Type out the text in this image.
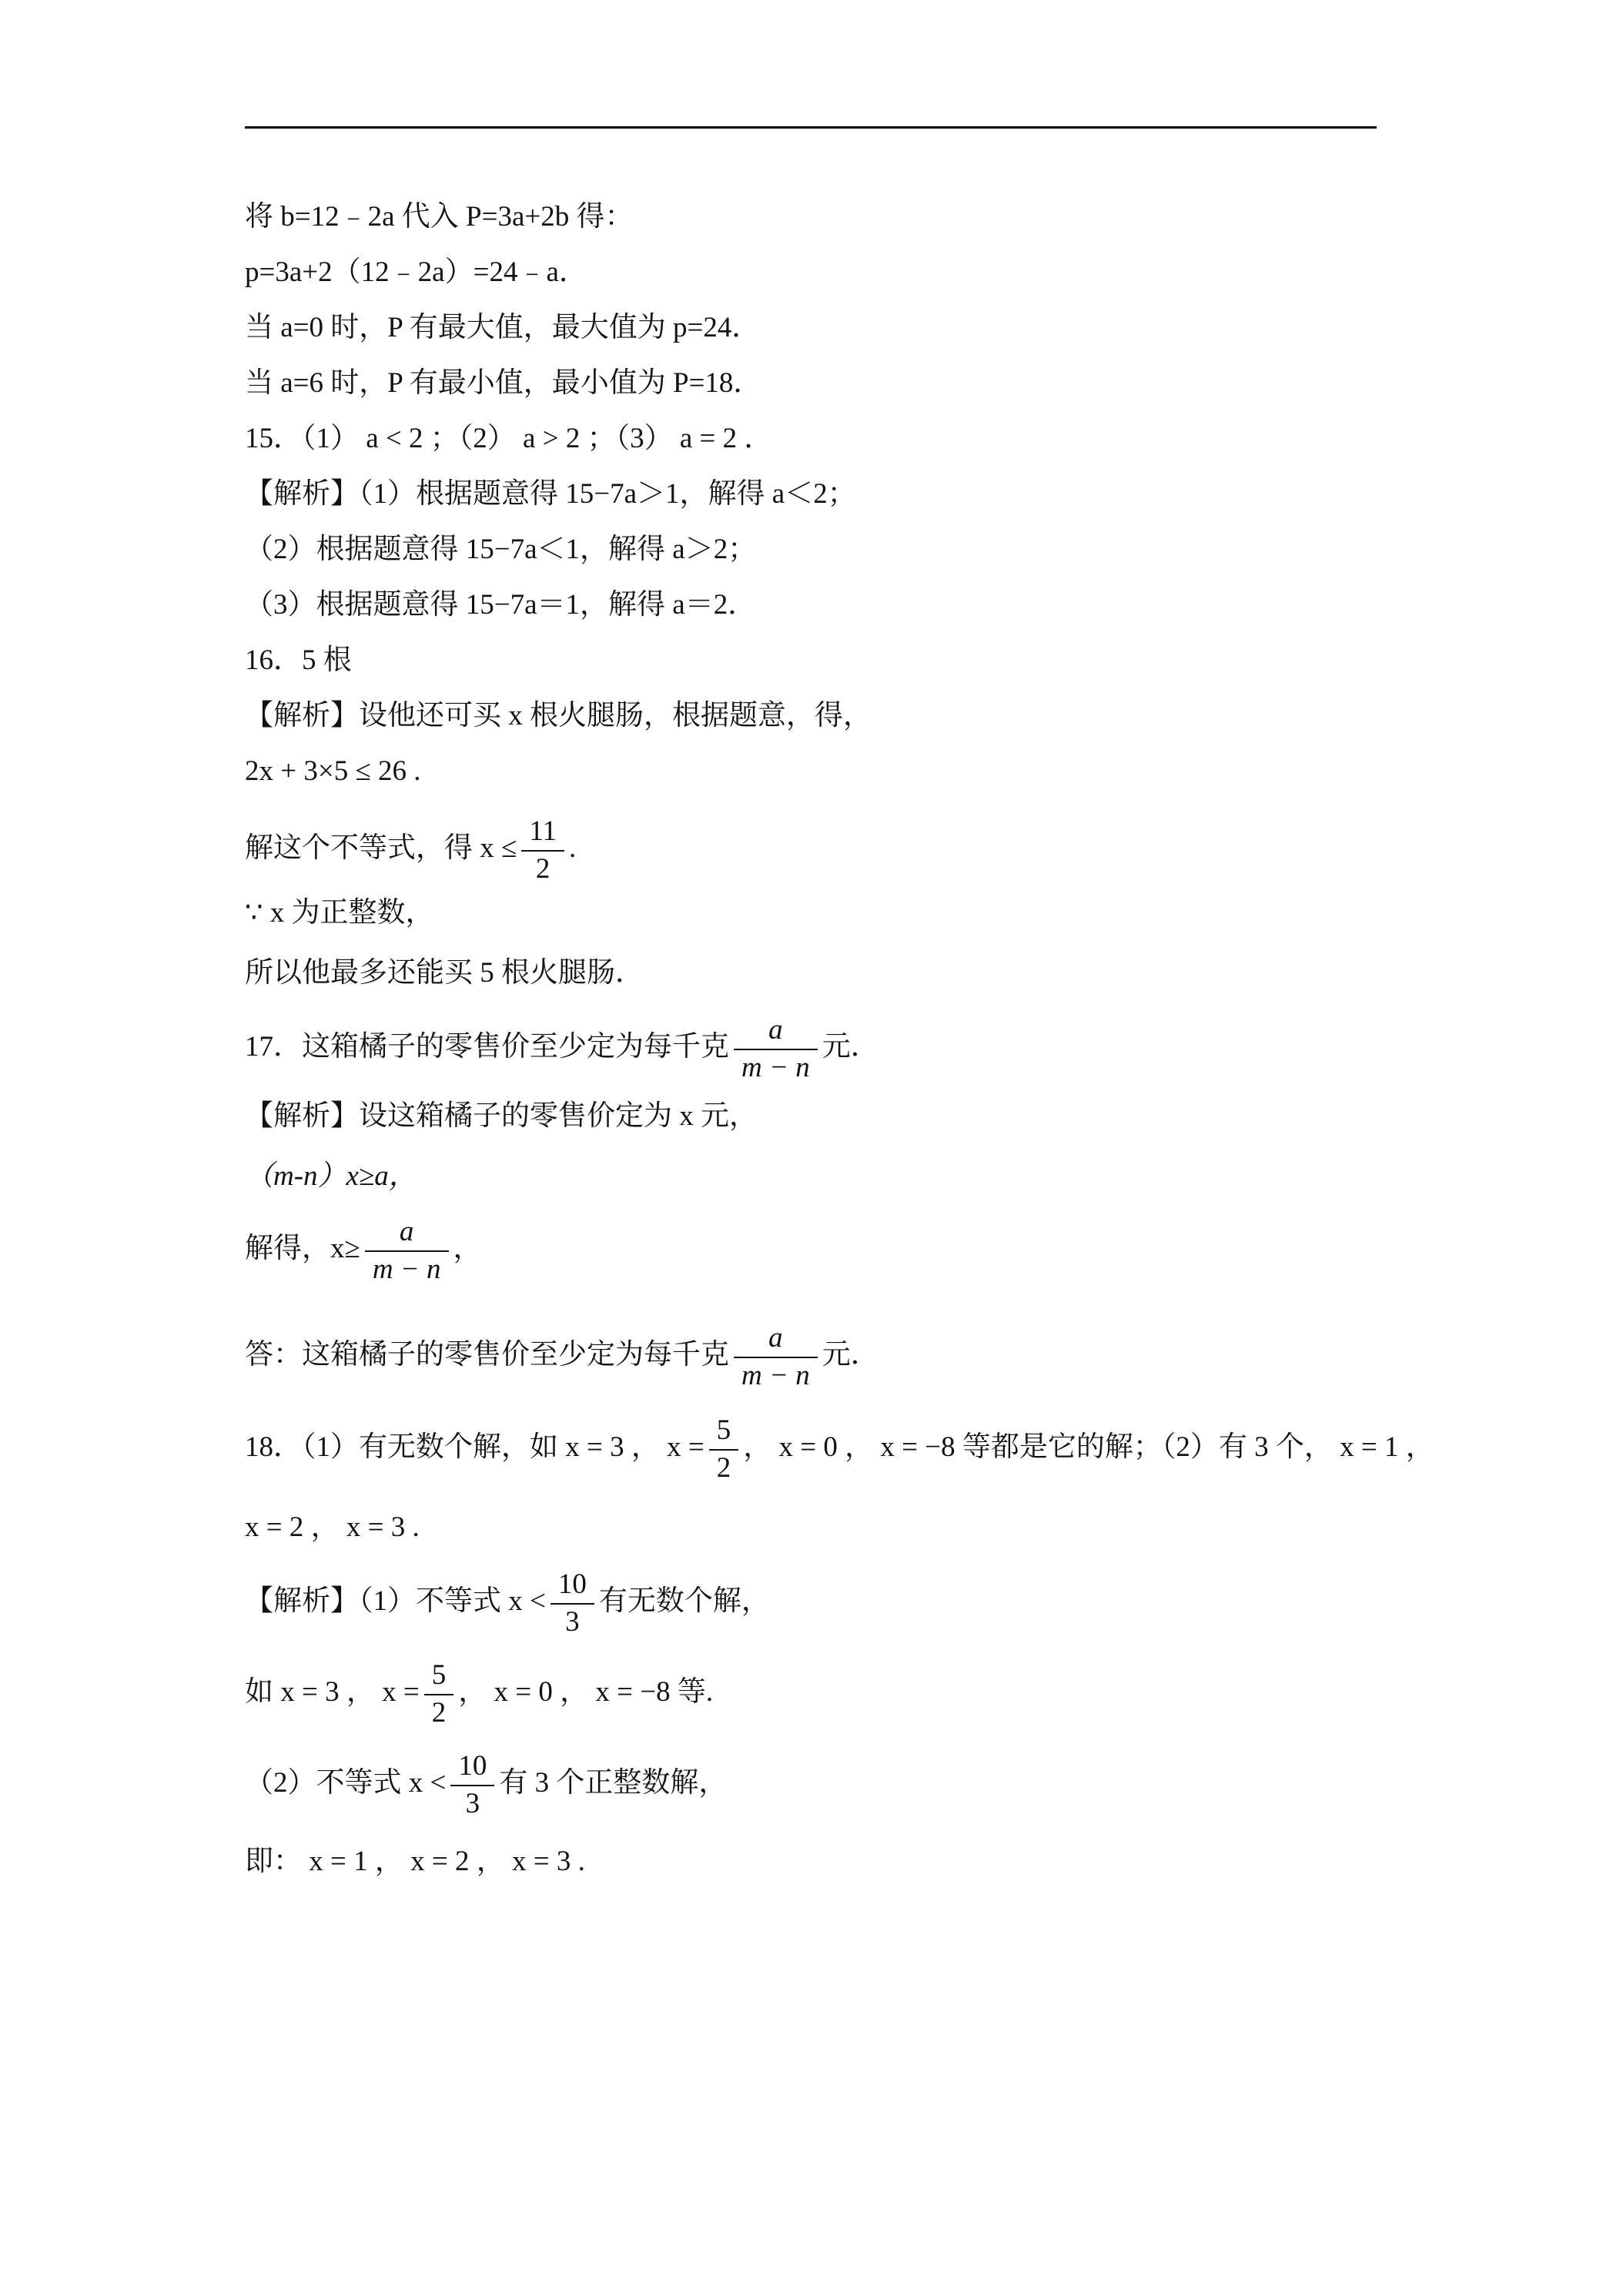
将 b=12﹣2a 代入 P=3a+2b 得：
p=3a+2（12﹣2a）=24﹣a．
当 a=0 时，P 有最大值，最大值为 p=24．
当 a=6 时，P 有最小值，最小值为 P=18．
15．（1） a < 2 ；（2） a > 2 ；（3） a = 2 ．
【解析】（1）根据题意得 15−7a＞1，解得 a＜2；
（2）根据题意得 15−7a＜1，解得 a＞2；
（3）根据题意得 15−7a＝1，解得 a＝2．
16．5 根
【解析】设他还可买 x 根火腿肠，根据题意，得，
2x + 3×5 ≤ 26 .
解这个不等式，得 $x \le \frac{11}{2}$ .
∵ x 为正整数，
所以他最多还能买 5 根火腿肠．
17．这箱橘子的零售价至少定为每千克 $\frac{a}{m - n}$ 元．
【解析】设这箱橘子的零售价定为 x 元，
（m-n）x≥a，
解得，$x\ge \frac{a}{m - n}$ ，
答：这箱橘子的零售价至少定为每千克 $\frac{a}{m - n}$ 元．
18．（1）有无数个解，如 x = 3 ， $x = \frac{5}{2}$ ， x = 0 ， x = −8 等都是它的解；（2）有 3 个， x = 1 ，
x = 2 ， x = 3 .
【解析】（1）不等式 $x < \frac{10}{3}$ 有无数个解，
如 x = 3 ， $x = \frac{5}{2}$ ， x = 0 ， x = −8 等.
（2）不等式 $x < \frac{10}{3}$ 有 3 个正整数解，
即： x = 1 ， x = 2 ， x = 3 .
